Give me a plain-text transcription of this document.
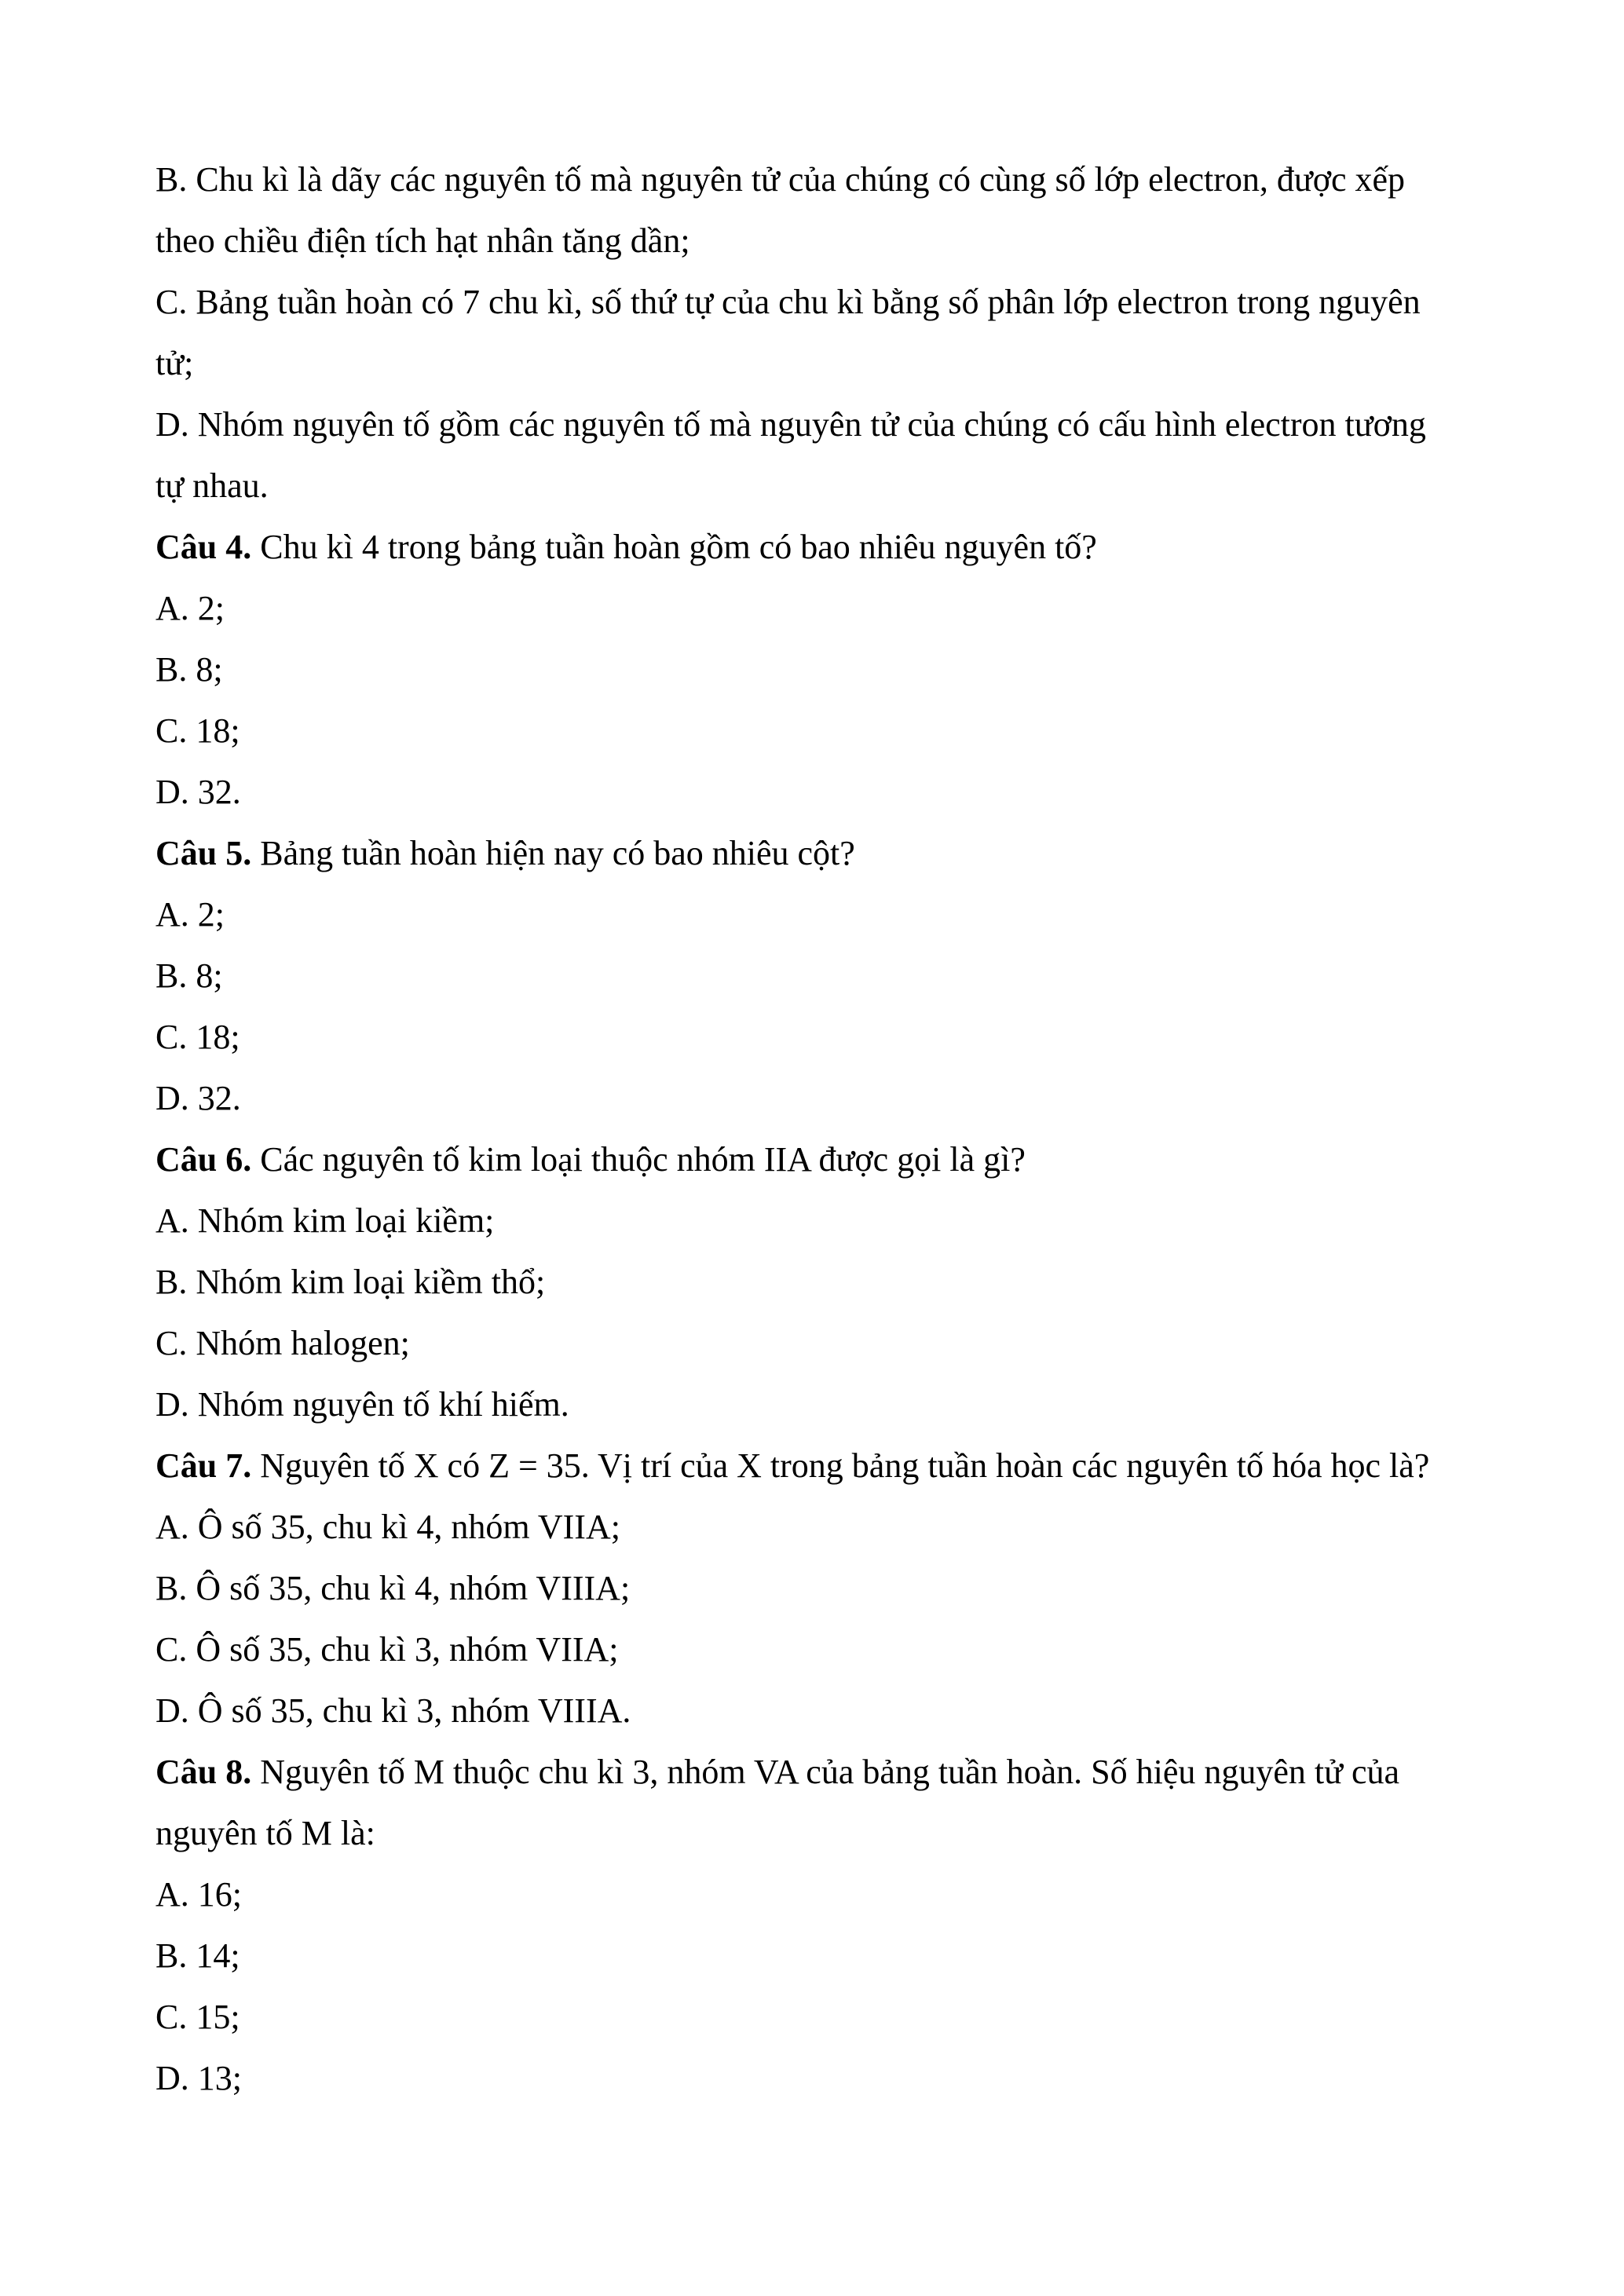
B. Chu kì là dãy các nguyên tố mà nguyên tử của chúng có cùng số lớp electron, được xếp
theo chiều điện tích hạt nhân tăng dần;

C. Bảng tuần hoàn có 7 chu kì, số thứ tự của chu kì bằng số phân lớp electron trong nguyên
tử;

D. Nhóm nguyên tố gồm các nguyên tố mà nguyên tử của chúng có cấu hình electron tương
tự nhau.

Câu 4. Chu kì 4 trong bảng tuần hoàn gồm có bao nhiêu nguyên tố?

A. 2;

B. 8;

C. 18;

D. 32.

Câu 5. Bảng tuần hoàn hiện nay có bao nhiêu cột?

A. 2;

B. 8;

C. 18;

D. 32.

Câu 6. Các nguyên tố kim loại thuộc nhóm IIA được gọi là gì?

A. Nhóm kim loại kiềm;

B. Nhóm kim loại kiềm thổ;

C. Nhóm halogen;

D. Nhóm nguyên tố khí hiếm.

Câu 7. Nguyên tố X có Z = 35. Vị trí của X trong bảng tuần hoàn các nguyên tố hóa học là?

A. Ô số 35, chu kì 4, nhóm VIIA;

B. Ô số 35, chu kì 4, nhóm VIIIA;

C. Ô số 35, chu kì 3, nhóm VIIA;

D. Ô số 35, chu kì 3, nhóm VIIIA.

Câu 8. Nguyên tố M thuộc chu kì 3, nhóm VA của bảng tuần hoàn. Số hiệu nguyên tử của
nguyên tố M là:

A. 16;

B. 14;

C. 15;

D. 13;
